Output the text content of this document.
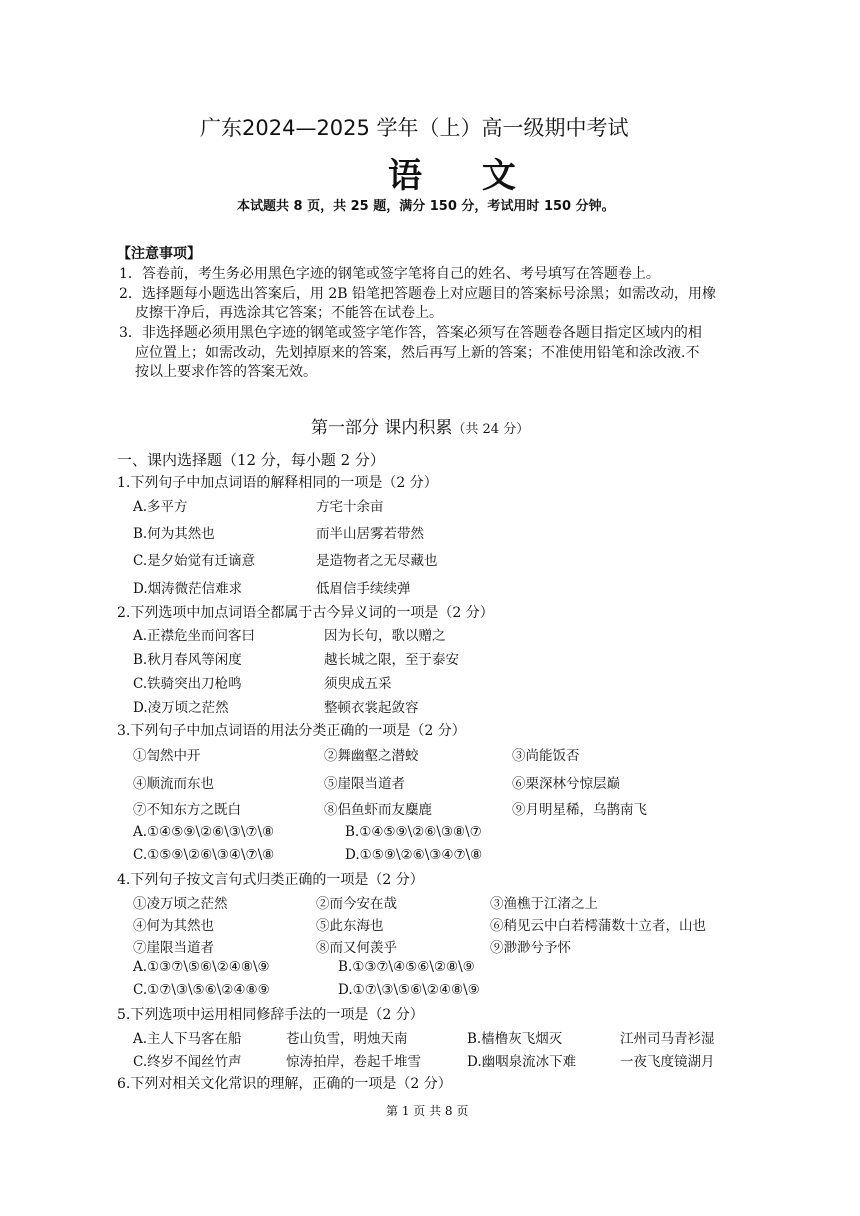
广东2024—2025 学年（上）高一级期中考试
语 文
本试题共 8 页，共 25 题，满分 150 分，考试用时 150 分钟。
【注意事项】
1．答卷前，考生务必用黑色字迹的钢笔或签字笔将自己的姓名、考号填写在答题卷上。
2．选择题每小题选出答案后，用 2B 铅笔把答题卷上对应题目的答案标号涂黑；如需改动，用橡
皮擦干净后，再选涂其它答案；不能答在试卷上。
3．非选择题必须用黑色字迹的钢笔或签字笔作答，答案必须写在答题卷各题目指定区域内的相
应位置上；如需改动，先划掉原来的答案，然后再写上新的答案；不准使用铅笔和涂改液.不
按以上要求作答的答案无效。
第一部分 课内积累（共 24 分）
一、课内选择题（12 分，每小题 2 分）
1.下列句子中加点词语的解释相同的一项是（2 分）
A.多平方	方宅十余亩
B.何为其然也	而半山居雾若带然
C.是夕始觉有迁谪意	是造物者之无尽藏也
D.烟涛微茫信难求	低眉信手续续弹
2.下列选项中加点词语全都属于古今异义词的一项是（2 分）
A.正襟危坐而问客曰	因为长句，歌以赠之
B.秋月春风等闲度	越长城之限，至于泰安
C.铁骑突出刀枪鸣	须臾成五采
D.凌万顷之茫然	整顿衣裳起敛容
3.下列句子中加点词语的用法分类正确的一项是（2 分）
①訇然中开	②舞幽壑之潜蛟	③尚能饭否
④顺流而东也	⑤崖限当道者	⑥栗深林兮惊层巅
⑦不知东方之既白	⑧侣鱼虾而友麋鹿	⑨月明星稀，乌鹊南飞
A.①④⑤⑨\②⑥\③\⑦\⑧	B.①④⑤⑨\②⑥\③⑧\⑦
C.①⑤⑨\②⑥\③④\⑦\⑧	D.①⑤⑨\②⑥\③④⑦\⑧
4.下列句子按文言句式归类正确的一项是（2 分）
①凌万顷之茫然	②而今安在哉	③渔樵于江渚之上
④何为其然也	⑤此东海也	⑥稍见云中白若樗蒲数十立者，山也
⑦崖限当道者	⑧而又何羡乎	⑨渺渺兮予怀
A.①③⑦\⑤⑥\②④⑧\⑨	B.①③⑦\④⑤⑥\②⑧\⑨
C.①⑦\③\⑤⑥\②④⑧⑨	D.①⑦\③\⑤⑥\②④⑧\⑨
5.下列选项中运用相同修辞手法的一项是（2 分）
A.主人下马客在船	苍山负雪，明烛天南	B.樯橹灰飞烟灭	江州司马青衫湿
C.终岁不闻丝竹声	惊涛拍岸，卷起千堆雪	D.幽咽泉流冰下难	一夜飞度镜湖月
6.下列对相关文化常识的理解，正确的一项是（2 分）
第 1 页 共 8 页
